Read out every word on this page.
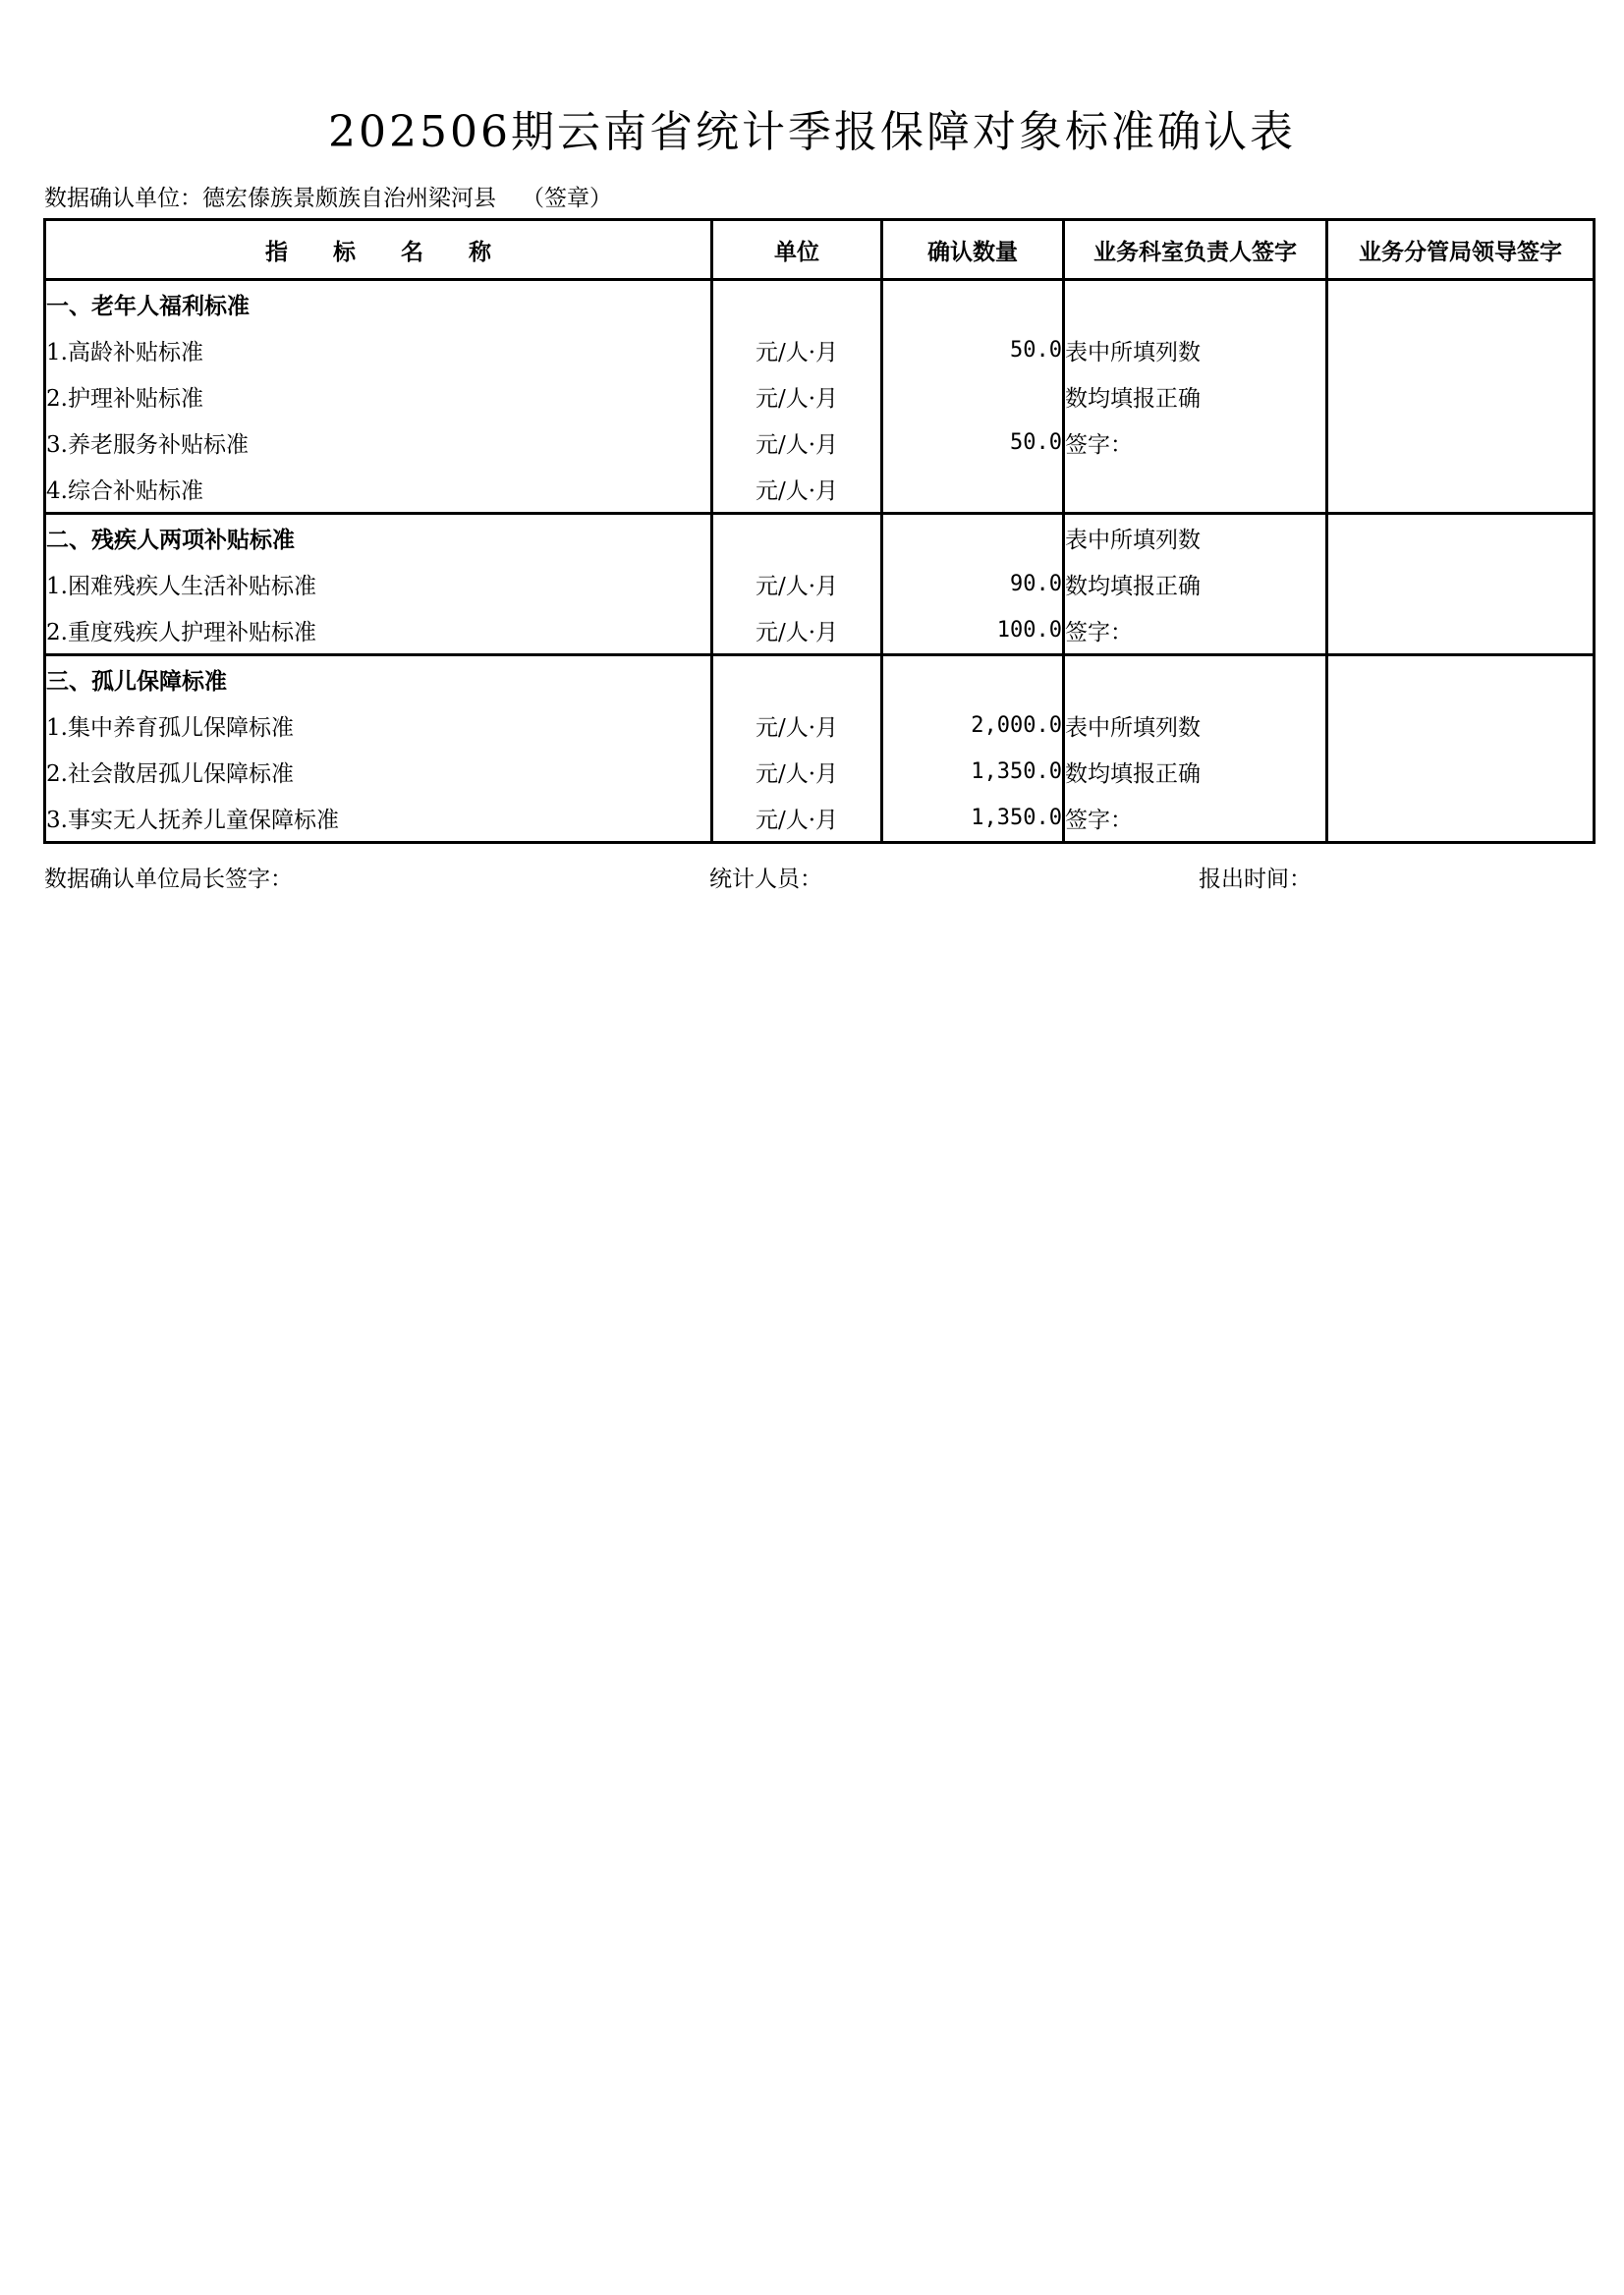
202506期云南省统计季报保障对象标准确认表
数据确认单位：德宏傣族景颇族自治州梁河县 （签章）
指　　标　　名　　称	单位	确认数量	业务科室负责人签字	业务分管局领导签字
一、老年人福利标准				
1.高龄补贴标准	元/人·月	50.0	表中所填列数	
2.护理补贴标准	元/人·月		数均填报正确	
3.养老服务补贴标准	元/人·月	50.0	签字：	
4.综合补贴标准	元/人·月			
二、残疾人两项补贴标准			表中所填列数	
1.困难残疾人生活补贴标准	元/人·月	90.0	数均填报正确	
2.重度残疾人护理补贴标准	元/人·月	100.0	签字：	
三、孤儿保障标准				
1.集中养育孤儿保障标准	元/人·月	2,000.0	表中所填列数	
2.社会散居孤儿保障标准	元/人·月	1,350.0	数均填报正确	
3.事实无人抚养儿童保障标准	元/人·月	1,350.0	签字：	
数据确认单位局长签字：	统计人员：	报出时间：
